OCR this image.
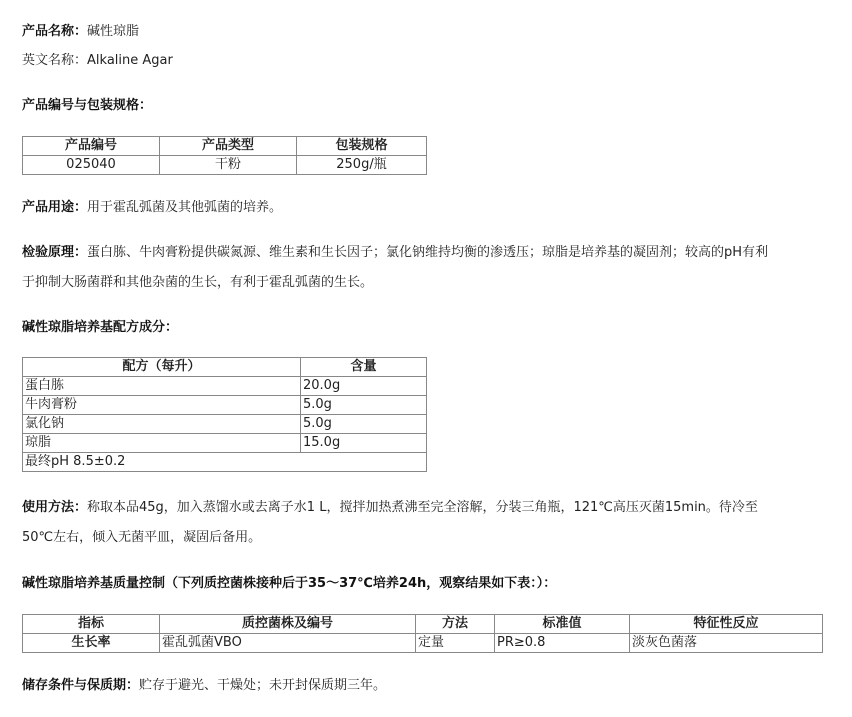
产品名称：碱性琼脂
英文名称：Alkaline Agar
产品编号与包装规格：
产品编号	产品类型	包装规格
025040	干粉	250g/瓶
产品用途：用于霍乱弧菌及其他弧菌的培养。
检验原理：蛋白胨、牛肉膏粉提供碳氮源、维生素和生长因子；氯化钠维持均衡的渗透压；琼脂是培养基的凝固剂；较高的pH有利
于抑制大肠菌群和其他杂菌的生长，有利于霍乱弧菌的生长。
碱性琼脂培养基配方成分：
配方（每升）	含量
蛋白胨	20.0g
牛肉膏粉	5.0g
氯化钠	5.0g
琼脂	15.0g
最终pH 8.5±0.2	
使用方法：称取本品45g，加入蒸馏水或去离子水1 L，搅拌加热煮沸至完全溶解，分装三角瓶，121℃高压灭菌15min。待冷至
50℃左右，倾入无菌平皿，凝固后备用。
碱性琼脂培养基质量控制（下列质控菌株接种后于35～37℃培养24h，观察结果如下表：）：
指标	质控菌株及编号	方法	标准值	特征性反应
生长率	霍乱弧菌VBO	定量	PR≥0.8	淡灰色菌落
储存条件与保质期：贮存于避光、干燥处；未开封保质期三年。
